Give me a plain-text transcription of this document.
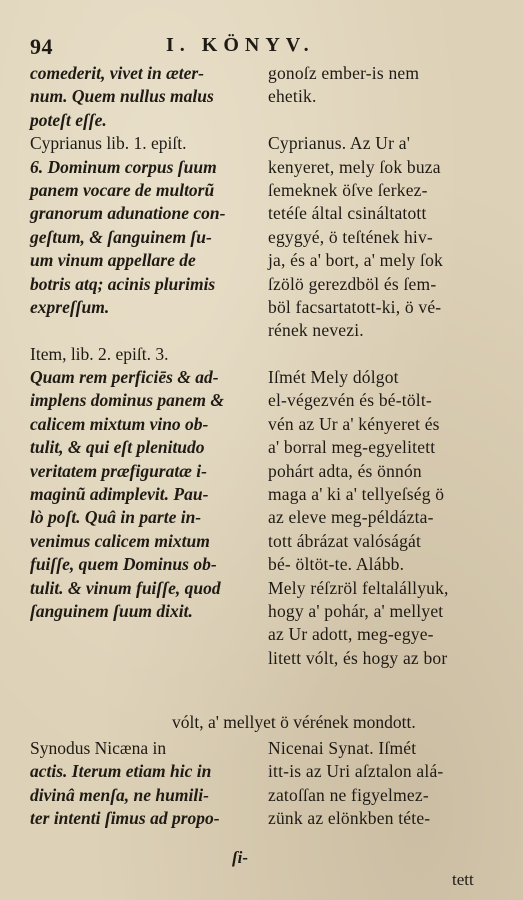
94	I. KÖNYV.
comederit, vivet in æter-
num. Quem nullus malus
poteſt eſſe.
Cyprianus lib. 1. epiſt.
6. Dominum corpus ſuum
panem vocare de multorũ
granorum adunatione con-
geſtum, & ſanguinem ſu-
um vinum appellare de
botris atq; acinis plurimis
expreſſum.
Item, lib. 2. epiſt. 3.
Quam rem perficiēs & ad-
implens dominus panem &
calicem mixtum vino ob-
tulit, & qui eſt plenitudo
veritatem præfiguratæ i-
maginũ adimplevit. Pau-
lò poſt. Quâ in parte in-
venimus calicem mixtum
fuiſſe, quem Dominus ob-
tulit. & vinum fuiſſe, quod
ſanguinem ſuum dixit.
gonoſz ember-is nem
ehetik.
Cyprianus. Az Ur a'
kenyeret, mely ſok buza
ſemeknek öſve ſerkez-
tetéſe által csináltatott
egygyé, ö teſtének hiv-
ja, és a' bort, a' mely ſok
ſzölö gerezdböl és ſem-
böl facsartatott-ki, ö vé-
rének nevezi.
Iſmét Mely dólgot
el-végezvén és bé-tölt-
vén az Ur a' kényeret és
a' borral meg-egyelitett
pohárt adta, és önnón
maga a' ki a' tellyeſség ö
az eleve meg-példázta-
tott ábrázat valóságát
bé- öltöt-te. Alább.
Mely réſzröl feltalállyuk,
hogy a' pohár, a' mellyet
az Ur adott, meg-egye-
litett vólt, és hogy az bor
vólt, a' mellyet ö vérének mondott.
Synodus Nicæna in
actis. Iterum etiam hic in
divinâ menſa, ne humili-
ter intenti ſimus ad propo-
Nicenai Synat. Iſmét
itt-is az Uri aſztalon alá-
zatoſſan ne figyelmez-
zünk az elönkben téte-
ſi-
tett
